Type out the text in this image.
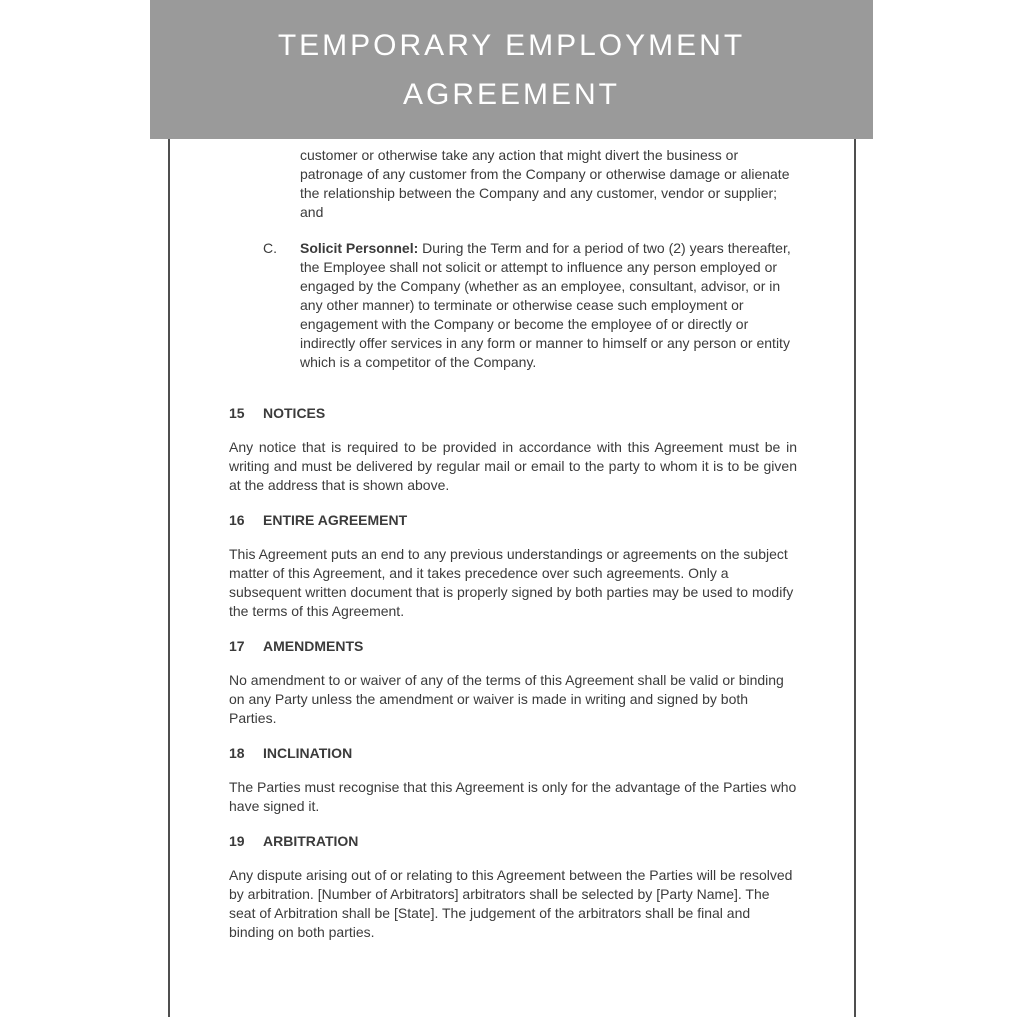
TEMPORARY EMPLOYMENT AGREEMENT
customer or otherwise take any action that might divert the business or patronage of any customer from the Company or otherwise damage or alienate the relationship between the Company and any customer, vendor or supplier; and
C.	Solicit Personnel: During the Term and for a period of two (2) years thereafter, the Employee shall not solicit or attempt to influence any person employed or engaged by the Company (whether as an employee, consultant, advisor, or in any other manner) to terminate or otherwise cease such employment or engagement with the Company or become the employee of or directly or indirectly offer services in any form or manner to himself or any person or entity which is a competitor of the Company.
15	NOTICES
Any notice that is required to be provided in accordance with this Agreement must be in writing and must be delivered by regular mail or email to the party to whom it is to be given at the address that is shown above.
16	ENTIRE AGREEMENT
This Agreement puts an end to any previous understandings or agreements on the subject matter of this Agreement, and it takes precedence over such agreements. Only a subsequent written document that is properly signed by both parties may be used to modify the terms of this Agreement.
17	AMENDMENTS
No amendment to or waiver of any of the terms of this Agreement shall be valid or binding on any Party unless the amendment or waiver is made in writing and signed by both Parties.
18	INCLINATION
The Parties must recognise that this Agreement is only for the advantage of the Parties who have signed it.
19	ARBITRATION
Any dispute arising out of or relating to this Agreement between the Parties will be resolved by arbitration. [Number of Arbitrators] arbitrators shall be selected by [Party Name]. The seat of Arbitration shall be [State]. The judgement of the arbitrators shall be final and binding on both parties.
